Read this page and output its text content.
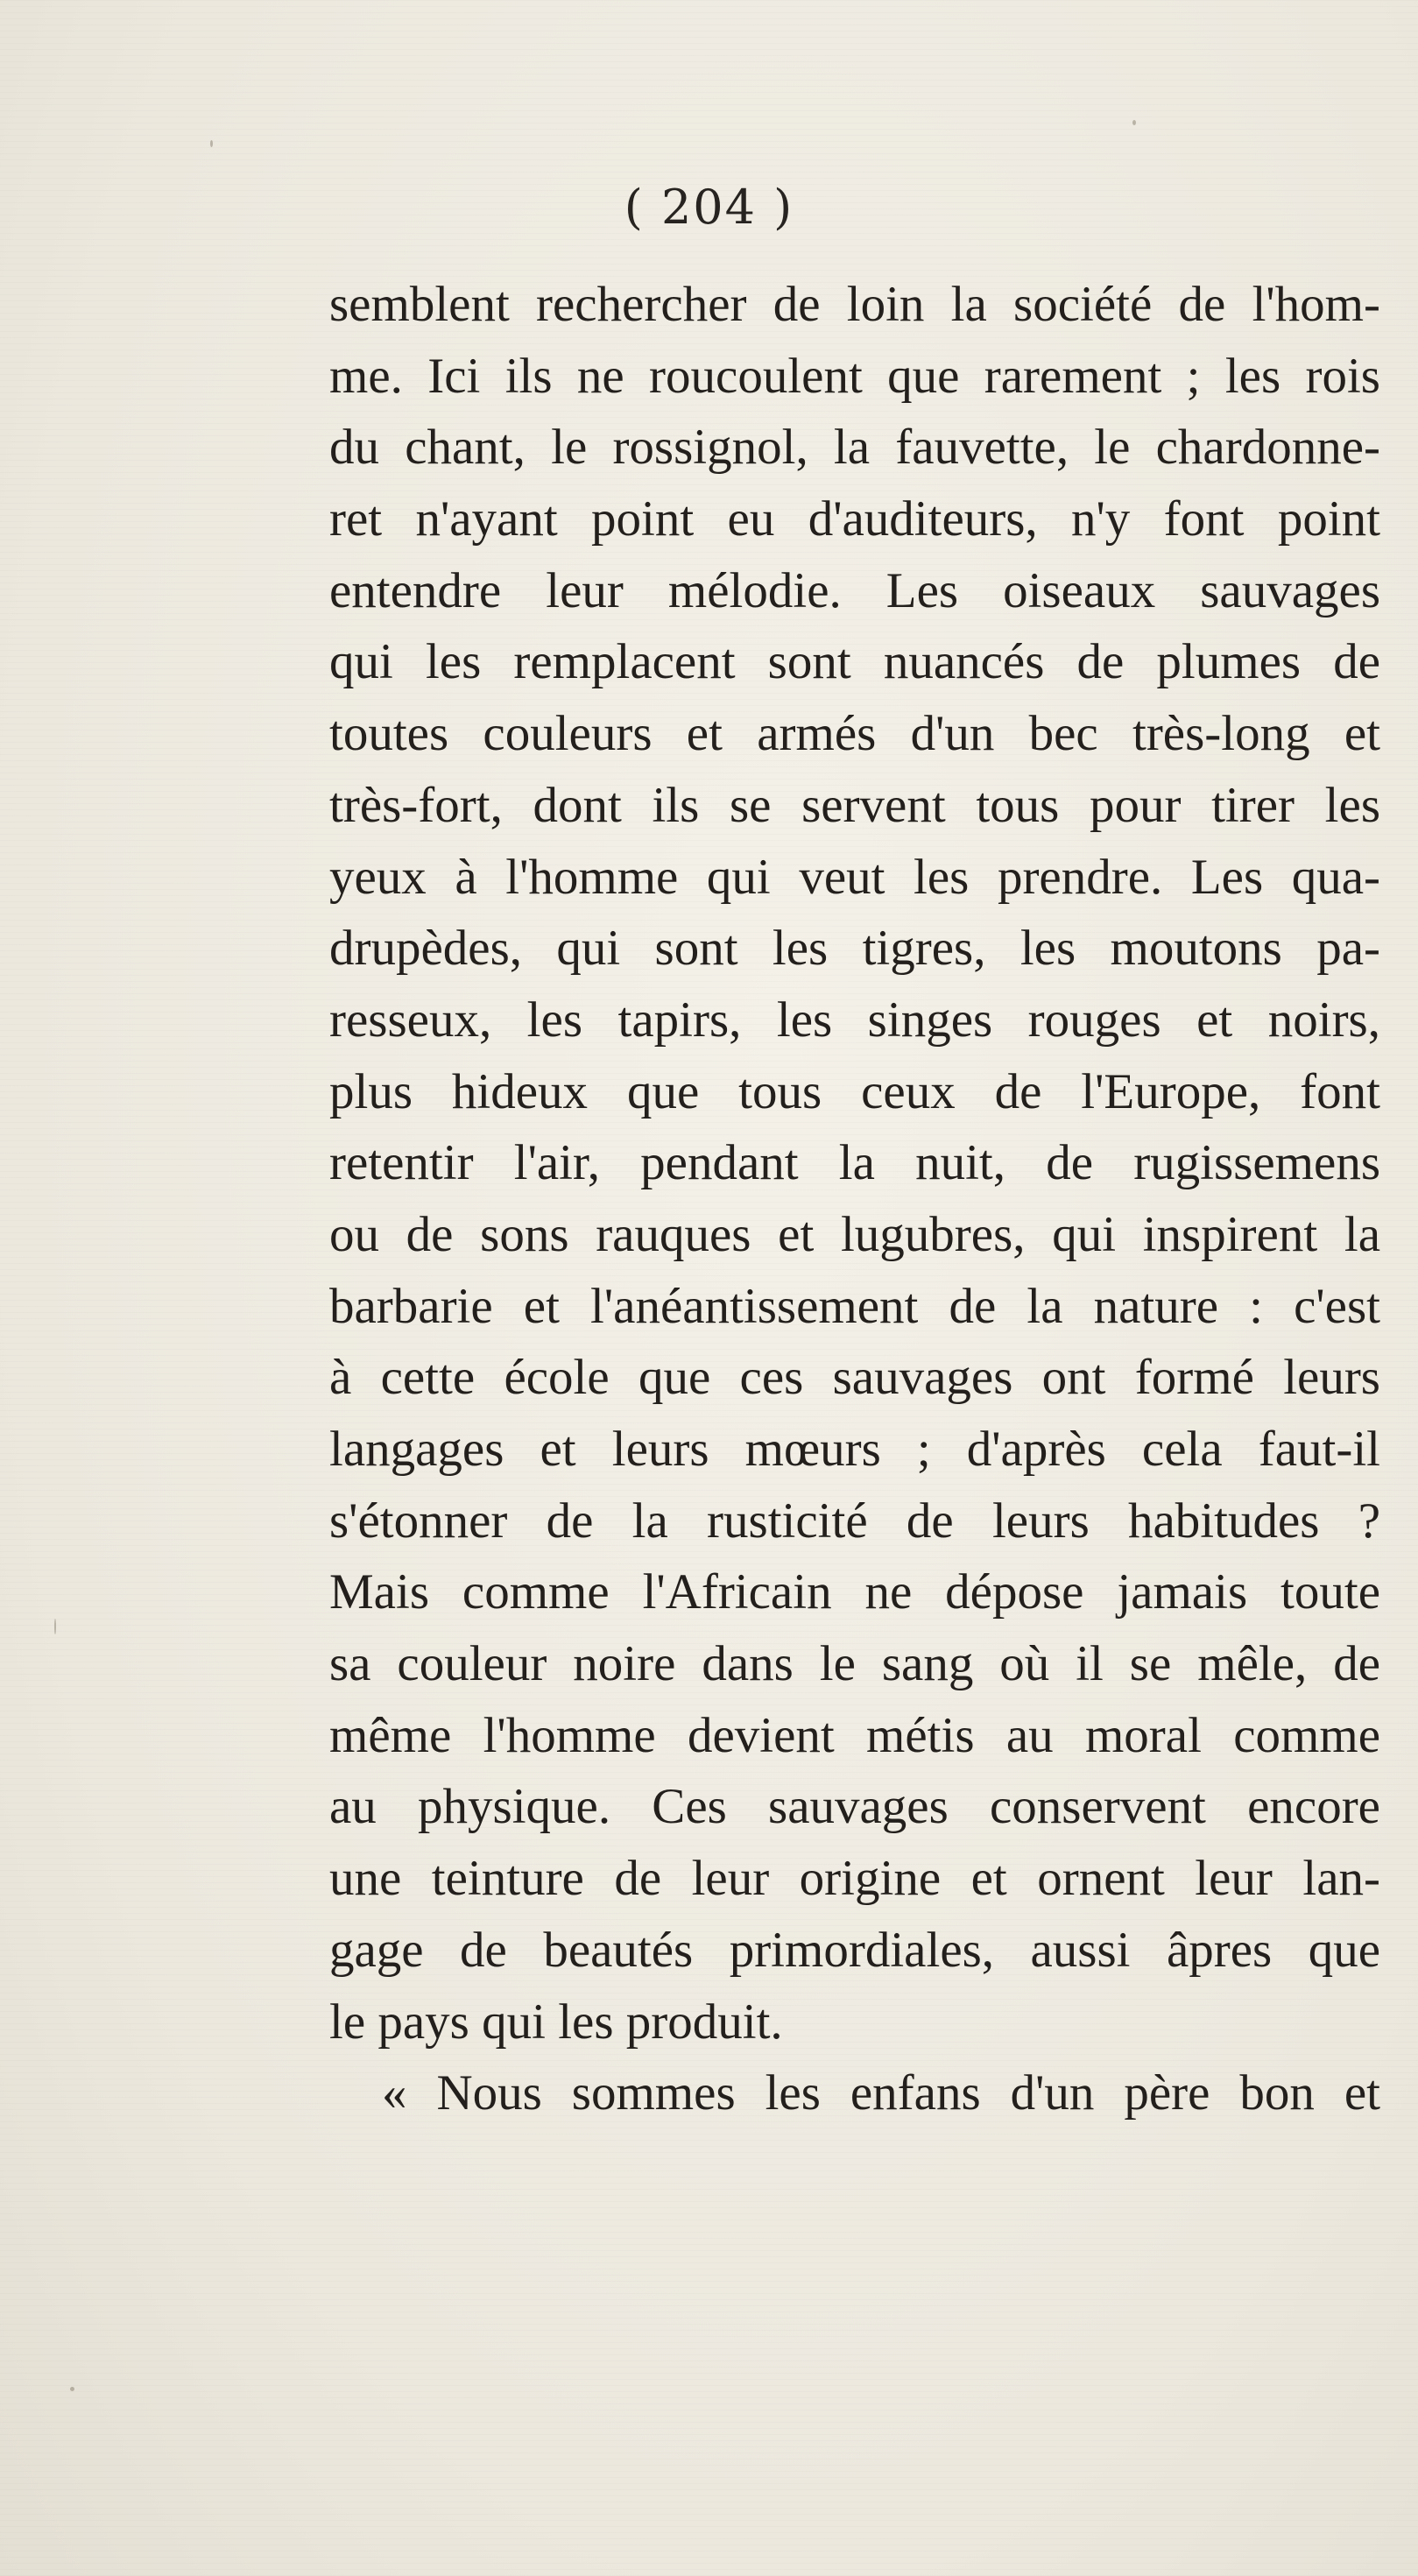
( 204 )
semblent rechercher de loin la société de l'hom-
me. Ici ils ne roucoulent que rarement ; les rois
du chant, le rossignol, la fauvette, le chardonne-
ret n'ayant point eu d'auditeurs, n'y font point
entendre leur mélodie. Les oiseaux sauvages
qui les remplacent sont nuancés de plumes de
toutes couleurs et armés d'un bec très-long et
très-fort, dont ils se servent tous pour tirer les
yeux à l'homme qui veut les prendre. Les qua-
drupèdes, qui sont les tigres, les moutons pa-
resseux, les tapirs, les singes rouges et noirs,
plus hideux que tous ceux de l'Europe, font
retentir l'air, pendant la nuit, de rugissemens
ou de sons rauques et lugubres, qui inspirent la
barbarie et l'anéantissement de la nature : c'est
à cette école que ces sauvages ont formé leurs
langages et leurs mœurs ; d'après cela faut-il
s'étonner de la rusticité de leurs habitudes ?
Mais comme l'Africain ne dépose jamais toute
sa couleur noire dans le sang où il se mêle, de
même l'homme devient métis au moral comme
au physique. Ces sauvages conservent encore
une teinture de leur origine et ornent leur lan-
gage de beautés primordiales, aussi âpres que
le pays qui les produit.
« Nous sommes les enfans d'un père bon et
